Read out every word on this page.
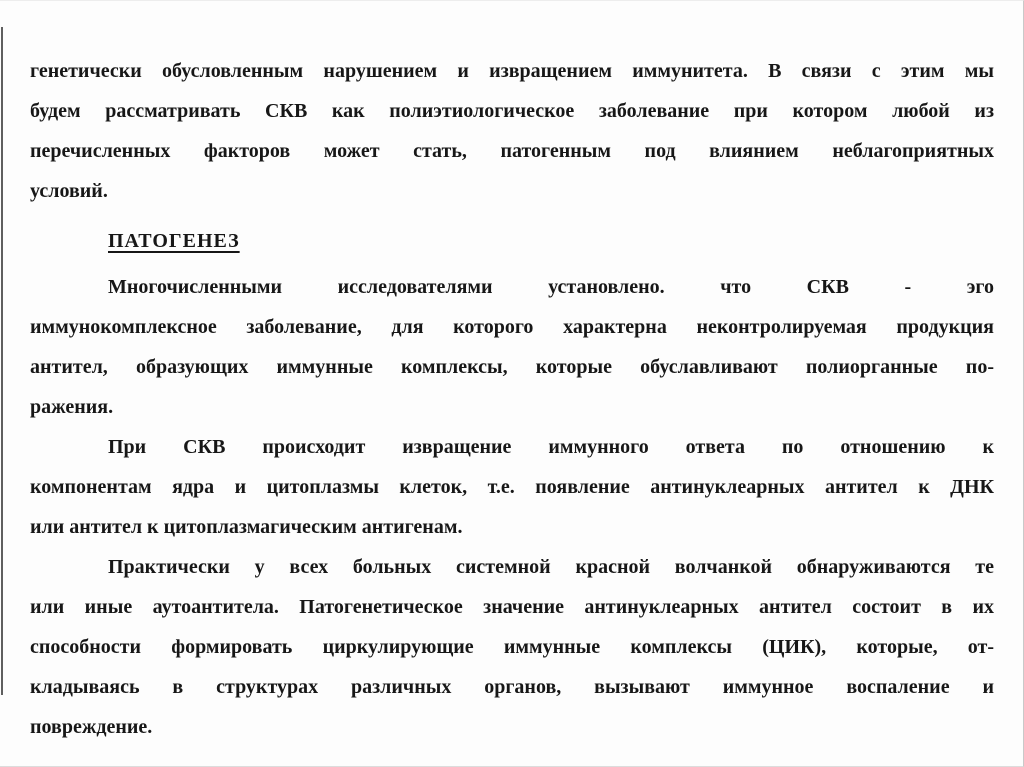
генетически обусловленным нарушением и извращением иммунитета. В связи с этим мы
будем рассматривать СКВ как полиэтиологическое заболевание при котором любой из
перечисленных факторов может стать, патогенным под влиянием неблагоприятных
условий.
ПАТОГЕНЕЗ
Многочисленными исследователями установлено. что СКВ - эго
иммунокомплексное заболевание, для которого характерна неконтролируемая продукция
антител, образующих иммунные комплексы, которые обуславливают полиорганные по-
ражения.
При СКВ происходит извращение иммунного ответа по отношению к
компонентам ядра и цитоплазмы клеток, т.е. появление антинуклеарных антител к ДНК
или антител к цитоплазмагическим антигенам.
Практически у всех больных системной красной волчанкой обнаруживаются те
или иные аутоантитела. Патогенетическое значение антинуклеарных антител состоит в их
способности формировать циркулирующие иммунные комплексы (ЦИК), которые, от-
кладываясь в структурах различных органов, вызывают иммунное воспаление и
повреждение.
